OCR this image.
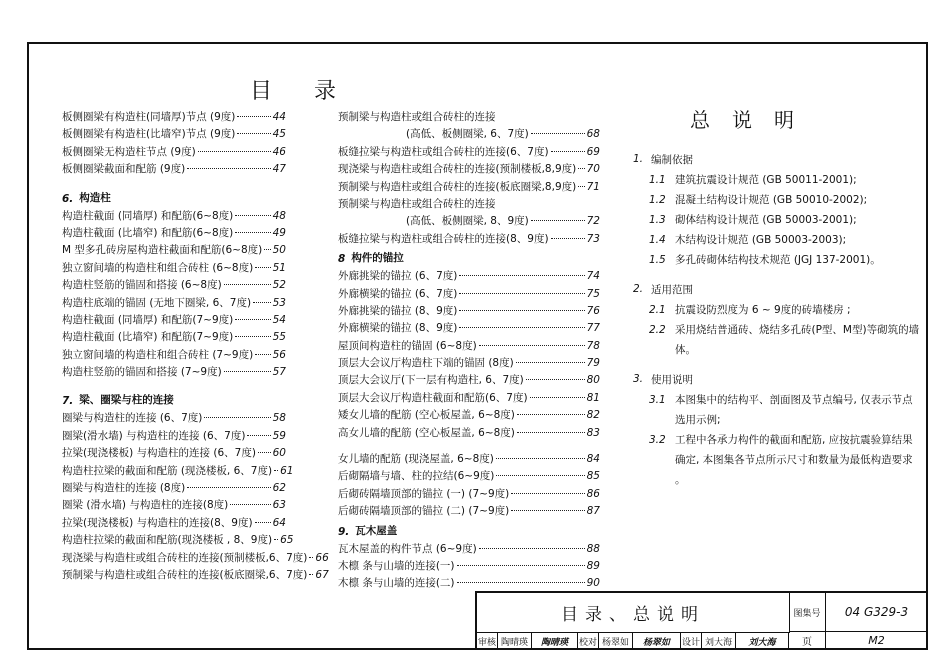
目      录
板侧圈梁有构造柱(同墙厚)节点 (9度)	44
板侧圈梁有构造柱(比墙窄)节点 (9度)	45
板侧圈梁无构造柱节点 (9度)	46
板侧圈梁截面和配筋 (9度)	47
6. 构造柱
构造柱截面 (同墙厚) 和配筋(6~8度)	48
构造柱截面 (比墙窄) 和配筋(6~8度)	49
M 型多孔砖房屋构造柱截面和配筋(6~8度) 50
独立窗间墙的构造柱和组合砖柱 (6~8度) 51
构造柱竖筋的锚固和搭接 (6~8度)	52
构造柱底端的锚固 (无地下圈梁, 6、7度) 53
构造柱截面 (同墙厚) 和配筋(7~9度)	54
构造柱截面 (比墙窄) 和配筋(7~9度)	55
独立窗间墙的构造柱和组合砖柱 (7~9度) 56
构造柱竖筋的锚固和搭接 (7~9度)	57
7. 梁、圈梁与柱的连接
圈梁与构造柱的连接 (6、7度)	58
圈梁(滑水墙) 与构造柱的连接 (6、7度)	59
拉梁(现浇楼板) 与构造柱的连接 (6、7度) 60
构造柱拉梁的截面和配筋 (现浇楼板, 6、7度) 61
圈梁与构造柱的连接 (8度)	62
圈梁 (滑水墙) 与构造柱的连接(8度)	63
拉梁(现浇楼板) 与构造柱的连接(8、9度) 64
构造柱拉梁的截面和配筋(现浇楼板 , 8、9度) 65
现浇梁与构造柱或组合砖柱的连接(预制楼板,6、7度) 66
预制梁与构造柱或组合砖柱的连接(板底圈梁,6、7度) 67
预制梁与构造柱或组合砖柱的连接
(高低、板侧圈梁, 6、7度)	68
板缝拉梁与构造柱或组合砖柱的连接(6、7度)	69
现浇梁与构造柱或组合砖柱的连接(预制楼板,8,9度) 70
预制梁与构造柱或组合砖柱的连接(板底圈梁,8,9度) 71
预制梁与构造柱或组合砖柱的连接
(高低、板侧圈梁, 8、9度)	72
板缝拉梁与构造柱或组合砖柱的连接(8、9度)	73
8 构件的锚拉
外廊挑梁的锚拉 (6、7度)	74
外廊横梁的锚拉 (6、7度)	75
外廊挑梁的锚拉 (8、9度)	76
外廊横梁的锚拉 (8、9度)	77
屋顶间构造柱的锚固 (6~8度)	78
顶层大会议厅构造柱下端的锚固 (8度)	79
顶层大会议厅(下一层有构造柱, 6、7度)	80
顶层大会议厅构造柱截面和配筋(6、7度)	81
矮女儿墙的配筋 (空心板屋盖, 6~8度)	82
高女儿墙的配筋 (空心板屋盖, 6~8度)	83
女儿墙的配筋 (现浇屋盖, 6~8度)	84
后砌隔墙与墙、柱的拉结(6~9度)	85
后砌砖隔墙顶部的锚拉 (一) (7~9度)	86
后砌砖隔墙顶部的锚拉 (二) (7~9度)	87
9. 瓦木屋盖
瓦木屋盖的构件节点 (6~9度)	88
木檩 条与山墙的连接(一)	89
木檩 条与山墙的连接(二)	90
总说明
1. 编制依据
1.1 建筑抗震设计规范 (GB 50011-2001);
1.2 混凝土结构设计规范 (GB 50010-2002);
1.3 砌体结构设计规范 (GB 50003-2001);
1.4 木结构设计规范 (GB 50003-2003);
1.5 多孔砖砌体结构技术规范 (JGJ 137-2001)。
2. 适用范围
2.1 抗震设防烈度为 6 ~ 9度的砖墙楼房 ;
2.2 采用烧结普通砖、烧结多孔砖(P型、M型)等砌筑的墙体。
3. 使用说明
3.1 本图集中的结构平、剖面图及节点编号, 仅表示节点选用示例;
3.2 工程中各承力构件的截面和配筋, 应按抗震验算结果确定, 本图集各节点所示尺寸和数量为最低构造要求 。
目录、总说明	图集号	04 G329-3
审核 陶晴瑛	陶晴瑛	校对 杨翠如	杨翠如	设计 刘大海	刘大海	页	M2
